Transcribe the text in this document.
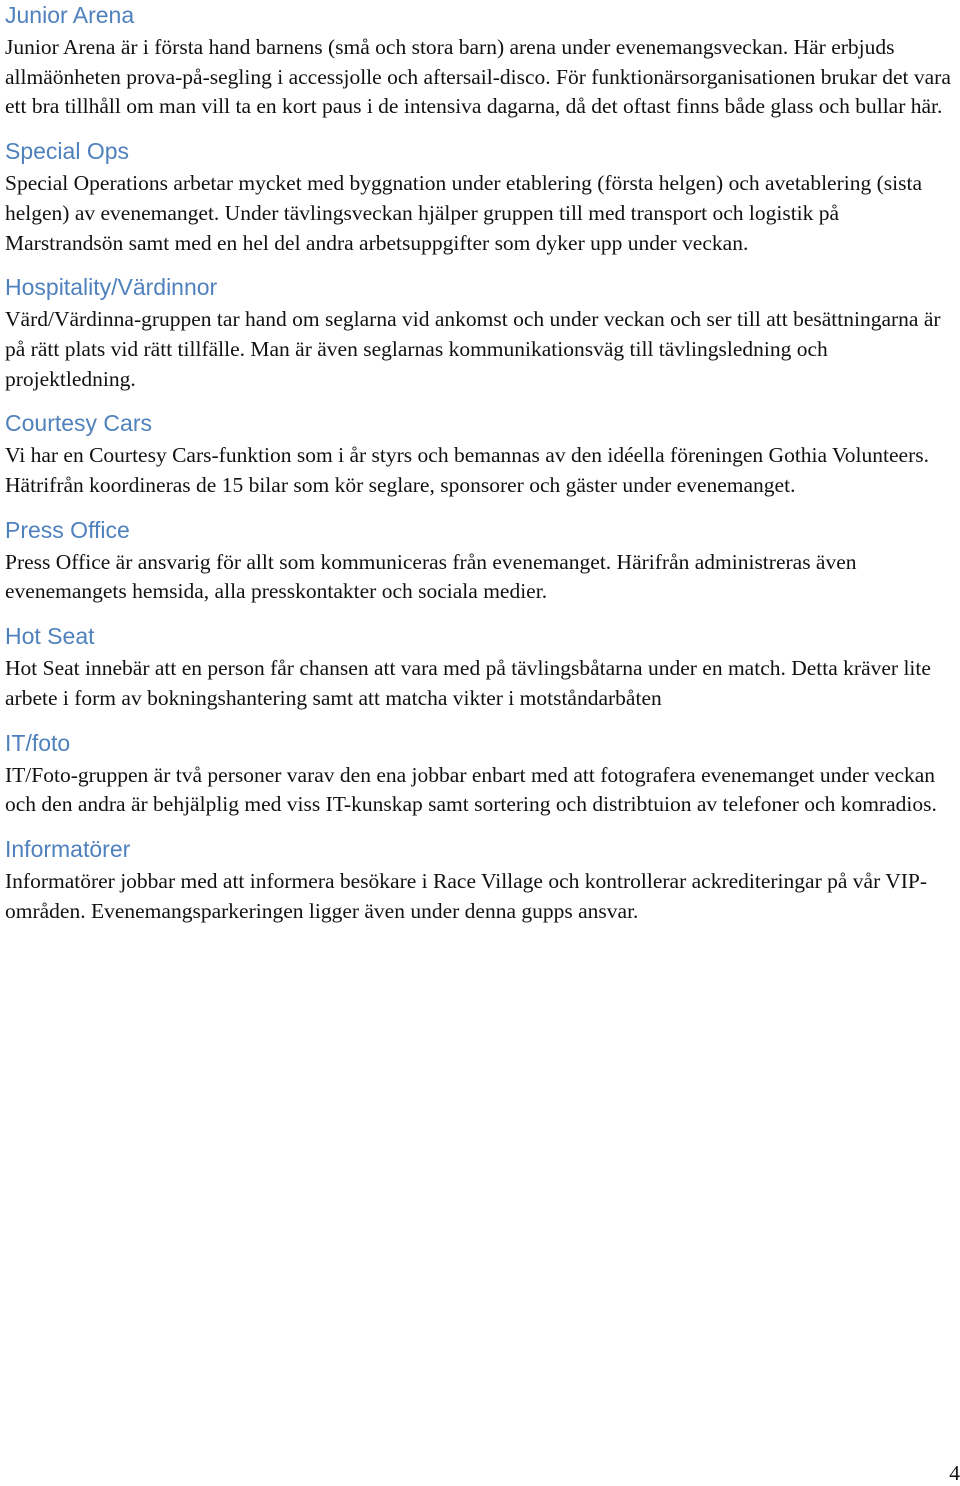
Junior Arena

Junior Arena är i första hand barnens (små och stora barn) arena under evenemangsveckan. Här erbjuds allmäönheten prova-på-segling i accessjolle och aftersail-disco. För funktionärsorganisationen brukar det vara ett bra tillhåll om man vill ta en kort paus i de intensiva dagarna, då det oftast finns både glass och bullar här.

Special Ops

Special Operations arbetar mycket med byggnation under etablering (första helgen) och avetablering (sista helgen) av evenemanget. Under tävlingsveckan hjälper gruppen till med transport och logistik på Marstrandsön samt med en hel del andra arbetsuppgifter som dyker upp under veckan.

Hospitality/Värdinnor

Värd/Värdinna-gruppen tar hand om seglarna vid ankomst och under veckan och ser till att besättningarna är på rätt plats vid rätt tillfälle. Man är även seglarnas kommunikationsväg till tävlingsledning och projektledning.

Courtesy Cars

Vi har en Courtesy Cars-funktion som i år styrs och bemannas av den idéella föreningen Gothia Volunteers. Hätrifrån koordineras de 15 bilar som kör seglare, sponsorer och gäster under evenemanget.

Press Office

Press Office är ansvarig för allt som kommuniceras från evenemanget. Härifrån administreras även evenemangets hemsida, alla presskontakter och sociala medier.

Hot Seat

Hot Seat innebär att en person får chansen att vara med på tävlingsbåtarna under en match. Detta kräver lite arbete i form av bokningshantering samt att matcha vikter i motståndarbåten

IT/foto

IT/Foto-gruppen är två personer varav den ena jobbar enbart med att fotografera evenemanget under veckan och den andra är behjälplig med viss IT-kunskap samt sortering och distribtuion av telefoner och komradios.

Informatörer

Informatörer jobbar med att informera besökare i Race Village och kontrollerar ackrediteringar på vår VIP-områden. Evenemangsparkeringen ligger även under denna gupps ansvar.

4
